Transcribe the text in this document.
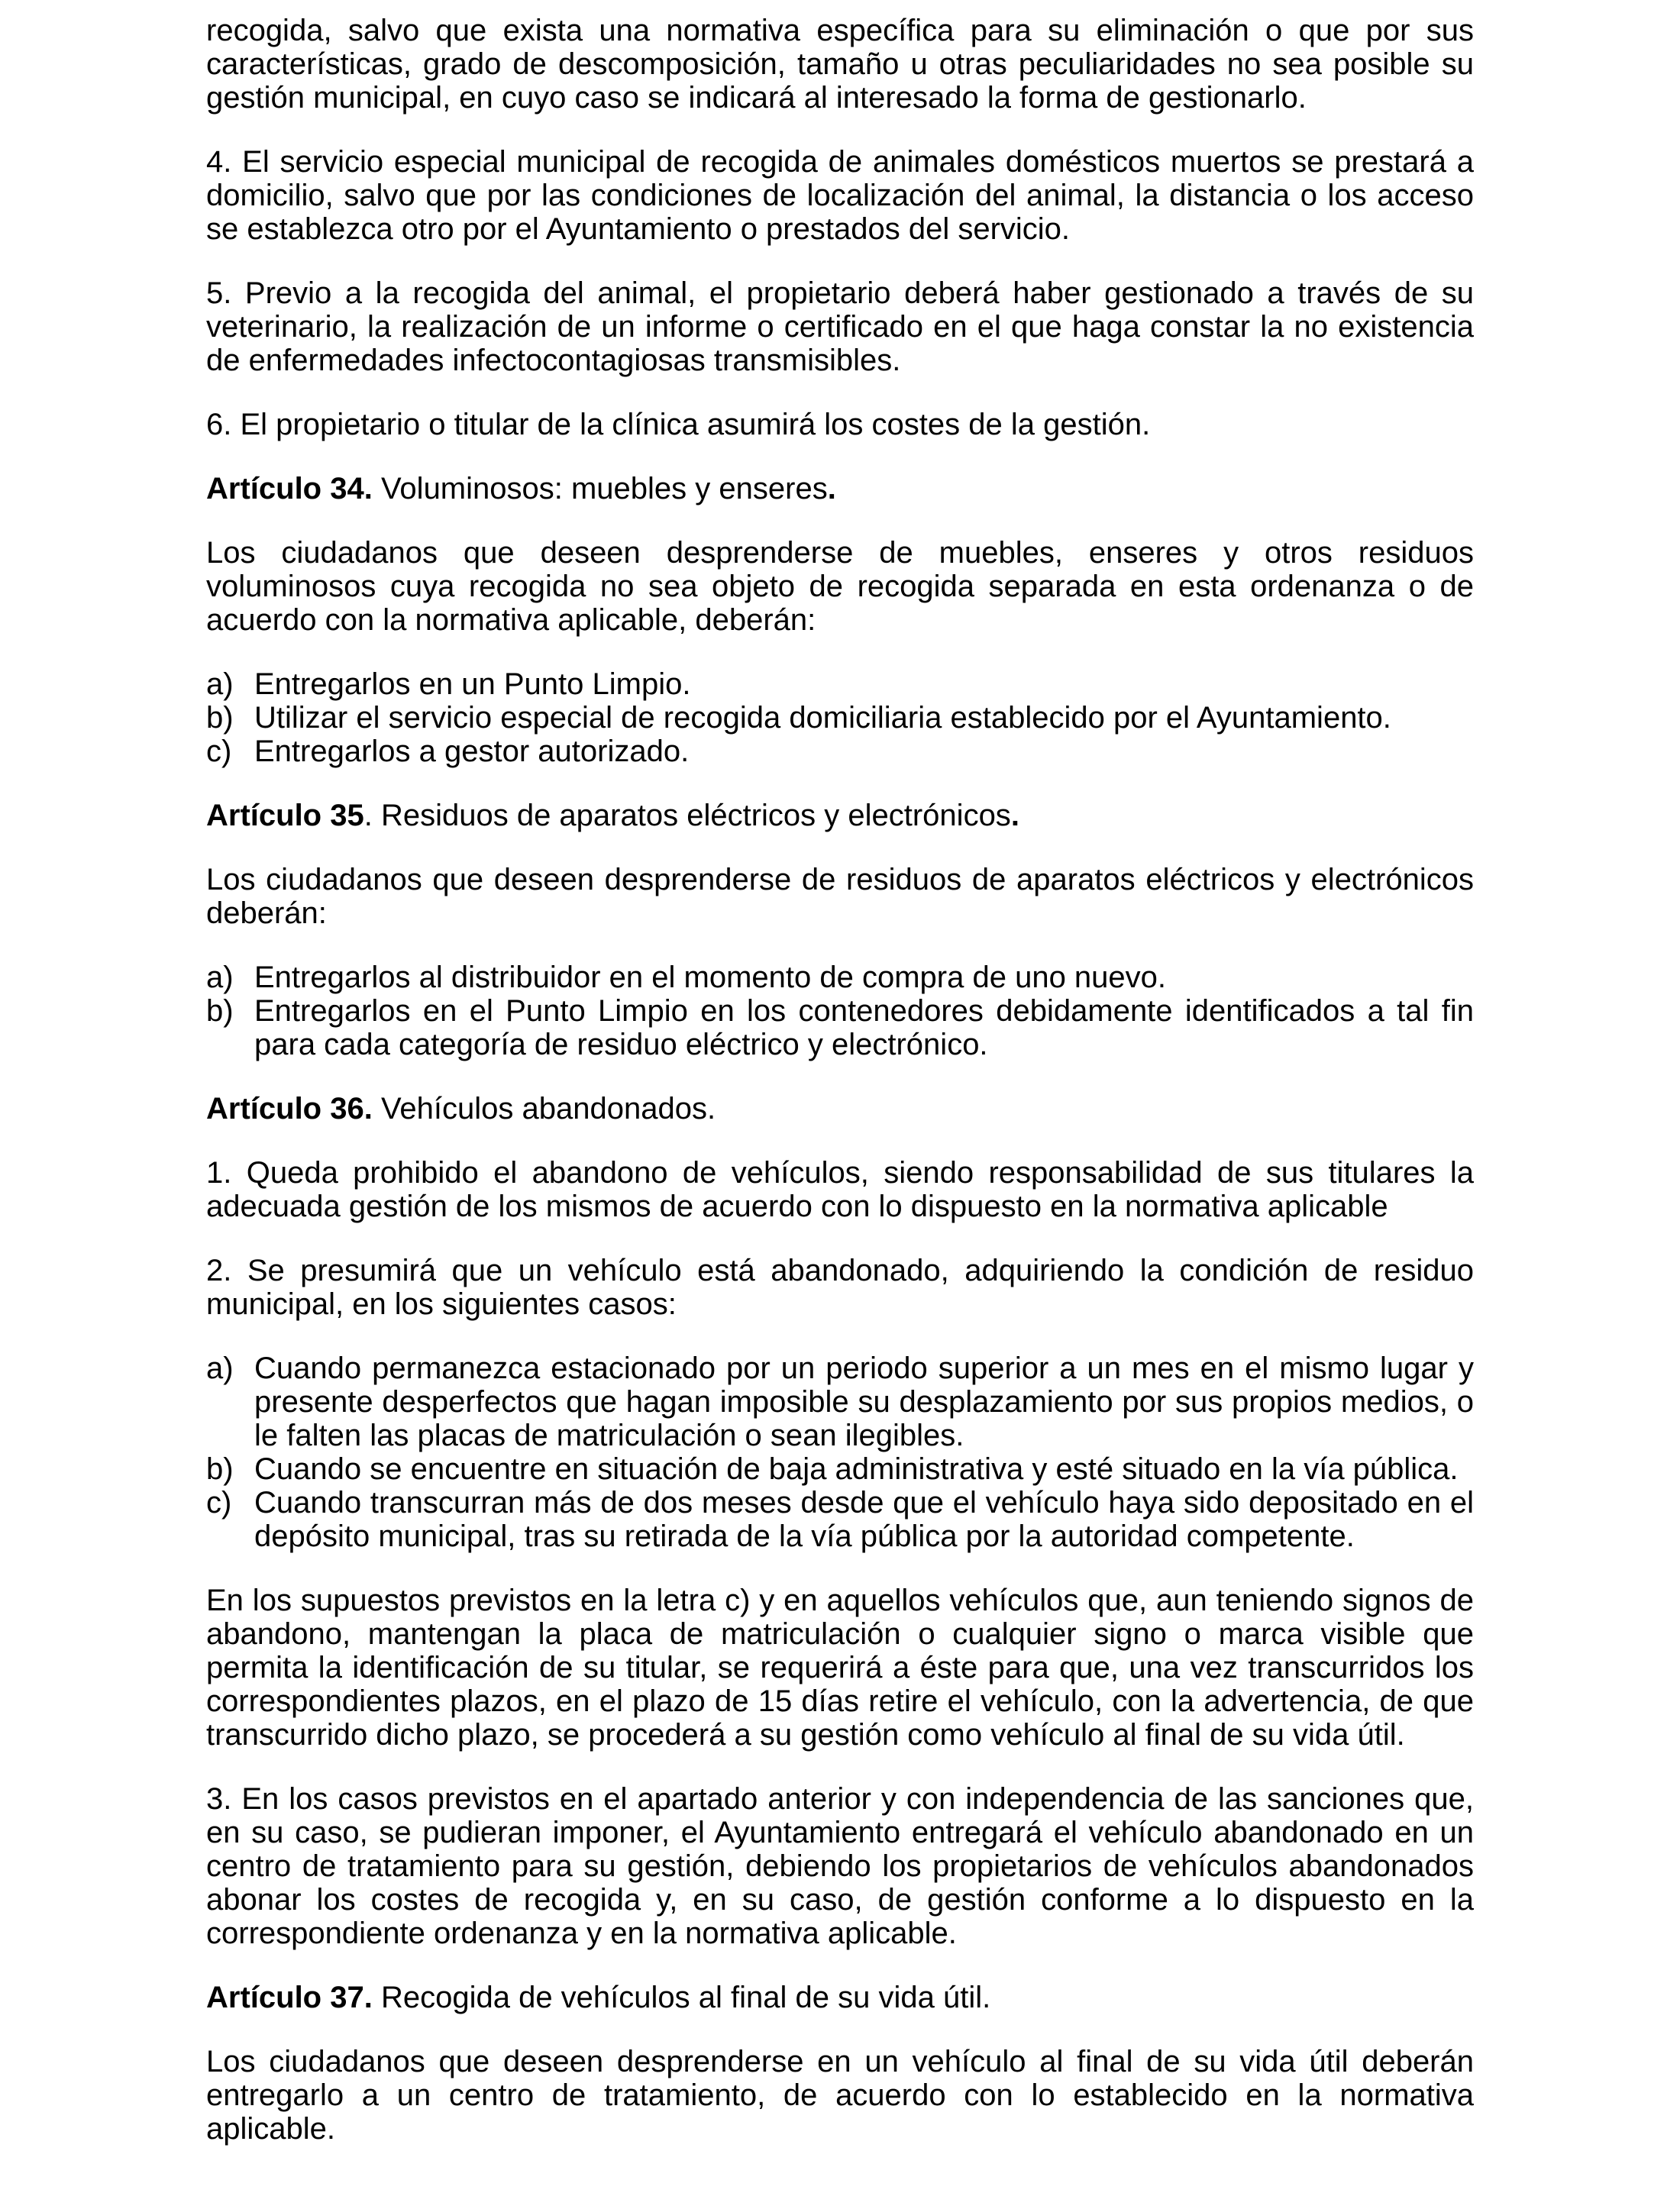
recogida, salvo que exista una normativa específica para su eliminación o que por sus características, grado de descomposición, tamaño u otras peculiaridades no sea posible su gestión municipal, en cuyo caso se indicará al interesado la forma de gestionarlo.

4. El servicio especial municipal de recogida de animales domésticos muertos se prestará a domicilio, salvo que por las condiciones de localización del animal, la distancia o los acceso se establezca otro por el Ayuntamiento o prestados del servicio.

5. Previo a la recogida del animal, el propietario deberá haber gestionado a través de su veterinario, la realización de un informe o certificado en el que haga constar la no existencia de enfermedades infectocontagiosas transmisibles.

6. El propietario o titular de la clínica asumirá los costes de la gestión.

Artículo 34. Voluminosos: muebles y enseres.

Los ciudadanos que deseen desprenderse de muebles, enseres y otros residuos voluminosos cuya recogida no sea objeto de recogida separada en esta ordenanza o de acuerdo con la normativa aplicable, deberán:

a) Entregarlos en un Punto Limpio.
b) Utilizar el servicio especial de recogida domiciliaria establecido por el Ayuntamiento.
c) Entregarlos a gestor autorizado.

Artículo 35. Residuos de aparatos eléctricos y electrónicos.

Los ciudadanos que deseen desprenderse de residuos de aparatos eléctricos y electrónicos deberán:

a) Entregarlos al distribuidor en el momento de compra de uno nuevo.
b) Entregarlos en el Punto Limpio en los contenedores debidamente identificados a tal fin para cada categoría de residuo eléctrico y electrónico.

Artículo 36. Vehículos abandonados.

1. Queda prohibido el abandono de vehículos, siendo responsabilidad de sus titulares la adecuada gestión de los mismos de acuerdo con lo dispuesto en la normativa aplicable

2. Se presumirá que un vehículo está abandonado, adquiriendo la condición de residuo municipal, en los siguientes casos:

a) Cuando permanezca estacionado por un periodo superior a un mes en el mismo lugar y presente desperfectos que hagan imposible su desplazamiento por sus propios medios, o le falten las placas de matriculación o sean ilegibles.
b) Cuando se encuentre en situación de baja administrativa y esté situado en la vía pública.
c) Cuando transcurran más de dos meses desde que el vehículo haya sido depositado en el depósito municipal, tras su retirada de la vía pública por la autoridad competente.

En los supuestos previstos en la letra c) y en aquellos vehículos que, aun teniendo signos de abandono, mantengan la placa de matriculación o cualquier signo o marca visible que permita la identificación de su titular, se requerirá a éste para que, una vez transcurridos los correspondientes plazos, en el plazo de 15 días retire el vehículo, con la advertencia, de que transcurrido dicho plazo, se procederá a su gestión como vehículo al final de su vida útil.

3. En los casos previstos en el apartado anterior y con independencia de las sanciones que, en su caso, se pudieran imponer, el Ayuntamiento entregará el vehículo abandonado en un centro de tratamiento para su gestión, debiendo los propietarios de vehículos abandonados abonar los costes de recogida y, en su caso, de gestión conforme a lo dispuesto en la correspondiente ordenanza y en la normativa aplicable.

Artículo 37. Recogida de vehículos al final de su vida útil.

Los ciudadanos que deseen desprenderse en un vehículo al final de su vida útil deberán entregarlo a un centro de tratamiento, de acuerdo con lo establecido en la normativa aplicable.
